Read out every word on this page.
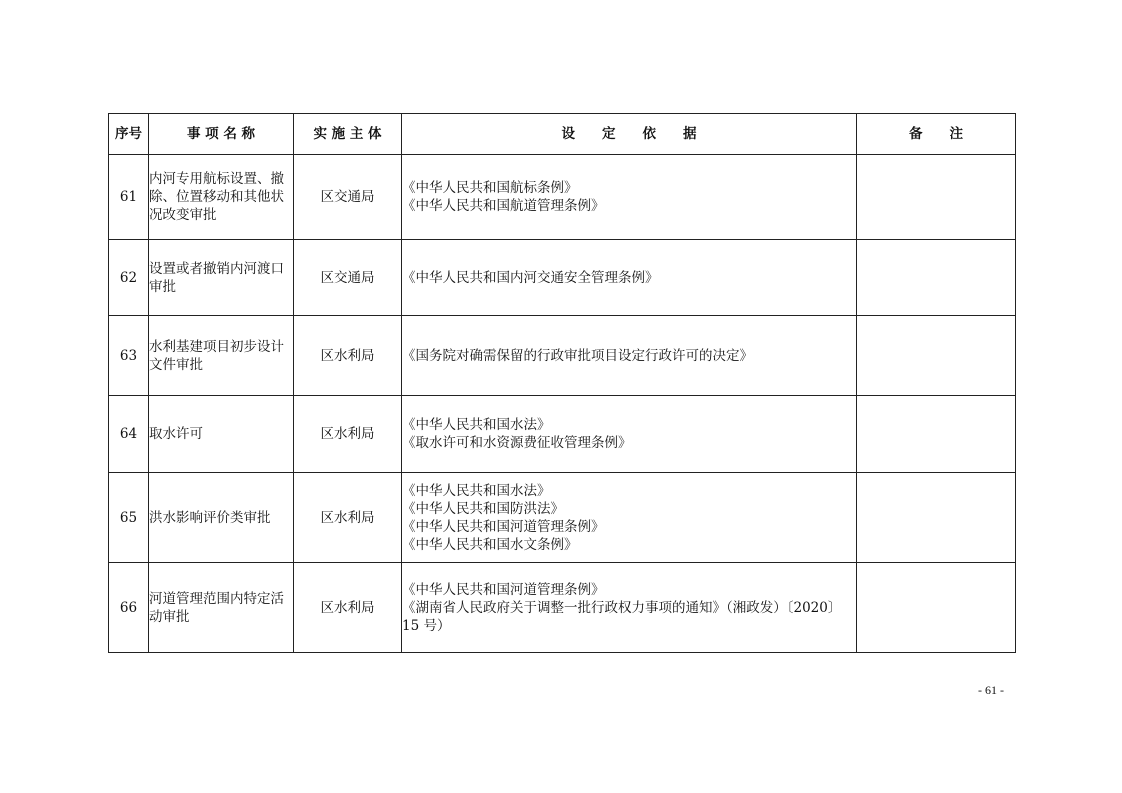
序号	事 项 名 称	实 施 主 体	设　　定　　依　　据	备　　注
61	内河专用航标设置、撤除、位置移动和其他状况改变审批	区交通局	《中华人民共和国航标条例》
《中华人民共和国航道管理条例》	

62	设置或者撤销内河渡口审批	区交通局	《中华人民共和国内河交通安全管理条例》	

63	水利基建项目初步设计文件审批	区水利局	《国务院对确需保留的行政审批项目设定行政许可的决定》	

64	取水许可	区水利局	《中华人民共和国水法》
《取水许可和水资源费征收管理条例》	

65	洪水影响评价类审批	区水利局	《中华人民共和国水法》
《中华人民共和国防洪法》
《中华人民共和国河道管理条例》
《中华人民共和国水文条例》	

66	河道管理范围内特定活动审批	区水利局	《中华人民共和国河道管理条例》
《湖南省人民政府关于调整一批行政权力事项的通知》（湘政发）〔2020〕
15 号）	

- 61 -
